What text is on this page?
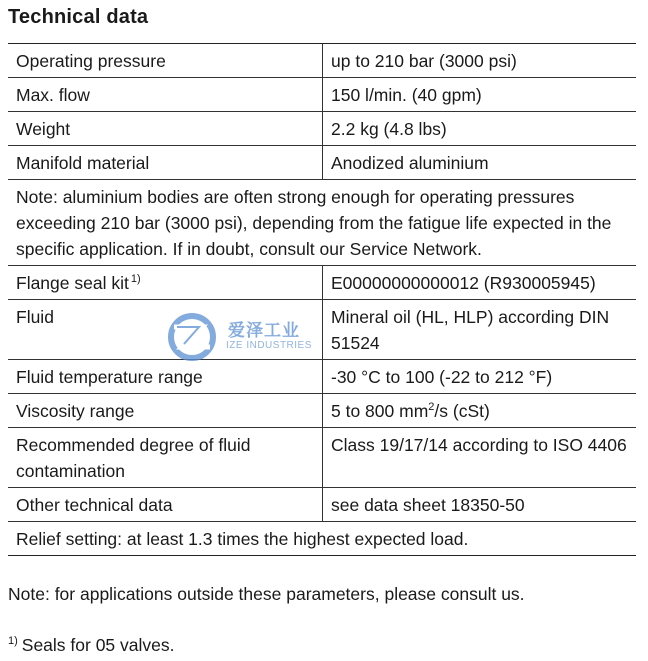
Technical data
Operating pressure	up to 210 bar (3000 psi)
Max. flow	150 l/min. (40 gpm)
Weight	2.2 kg (4.8 lbs)
Manifold material	Anodized aluminium
Note: aluminium bodies are often strong enough for operating pressures exceeding 210 bar (3000 psi), depending from the fatigue life expected in the specific application. If in doubt, consult our Service Network.	
Flange seal kit $^{1)}$	E00000000000012 (R930005945)
Fluid	Mineral oil (HL, HLP) according DIN 51524
Fluid temperature range	-30 °C to 100 (-22 to 212 °F)
Viscosity range	5 to 800 $mm^2/s$ (cSt)
Recommended degree of fluid contamination	Class 19/17/14 according to ISO 4406
Other technical data	see data sheet 18350-50
Relief setting: at least 1.3 times the highest expected load.	
Note: for applications outside these parameters, please consult us.
$^{1)}$ Seals for 05 valves.
爱泽工业
IZE INDUSTRIES
